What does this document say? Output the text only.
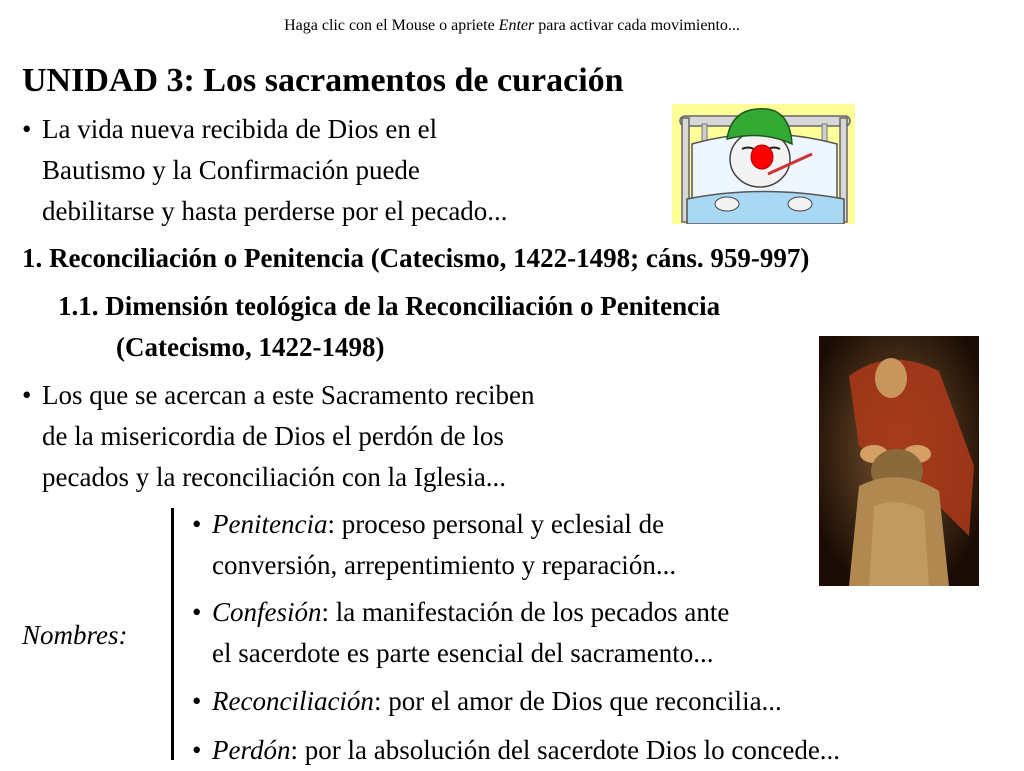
Haga clic con el Mouse o apriete Enter para activar cada movimiento...
UNIDAD 3: Los sacramentos de curación
• La vida nueva recibida de Dios en el
Bautismo y la Confirmación puede
debilitarse y hasta perderse por el pecado...
1. Reconciliación o Penitencia (Catecismo, 1422-1498; cáns. 959-997)
1.1. Dimensión teológica de la Reconciliación o Penitencia
(Catecismo, 1422-1498)
• Los que se acercan a este Sacramento reciben
de la misericordia de Dios el perdón de los
pecados y la reconciliación con la Iglesia...
Nombres:
• Penitencia: proceso personal y eclesial de
conversión, arrepentimiento y reparación...
• Confesión: la manifestación de los pecados ante
el sacerdote es parte esencial del sacramento...
• Reconciliación: por el amor de Dios que reconcilia...
• Perdón: por la absolución del sacerdote Dios lo concede...
